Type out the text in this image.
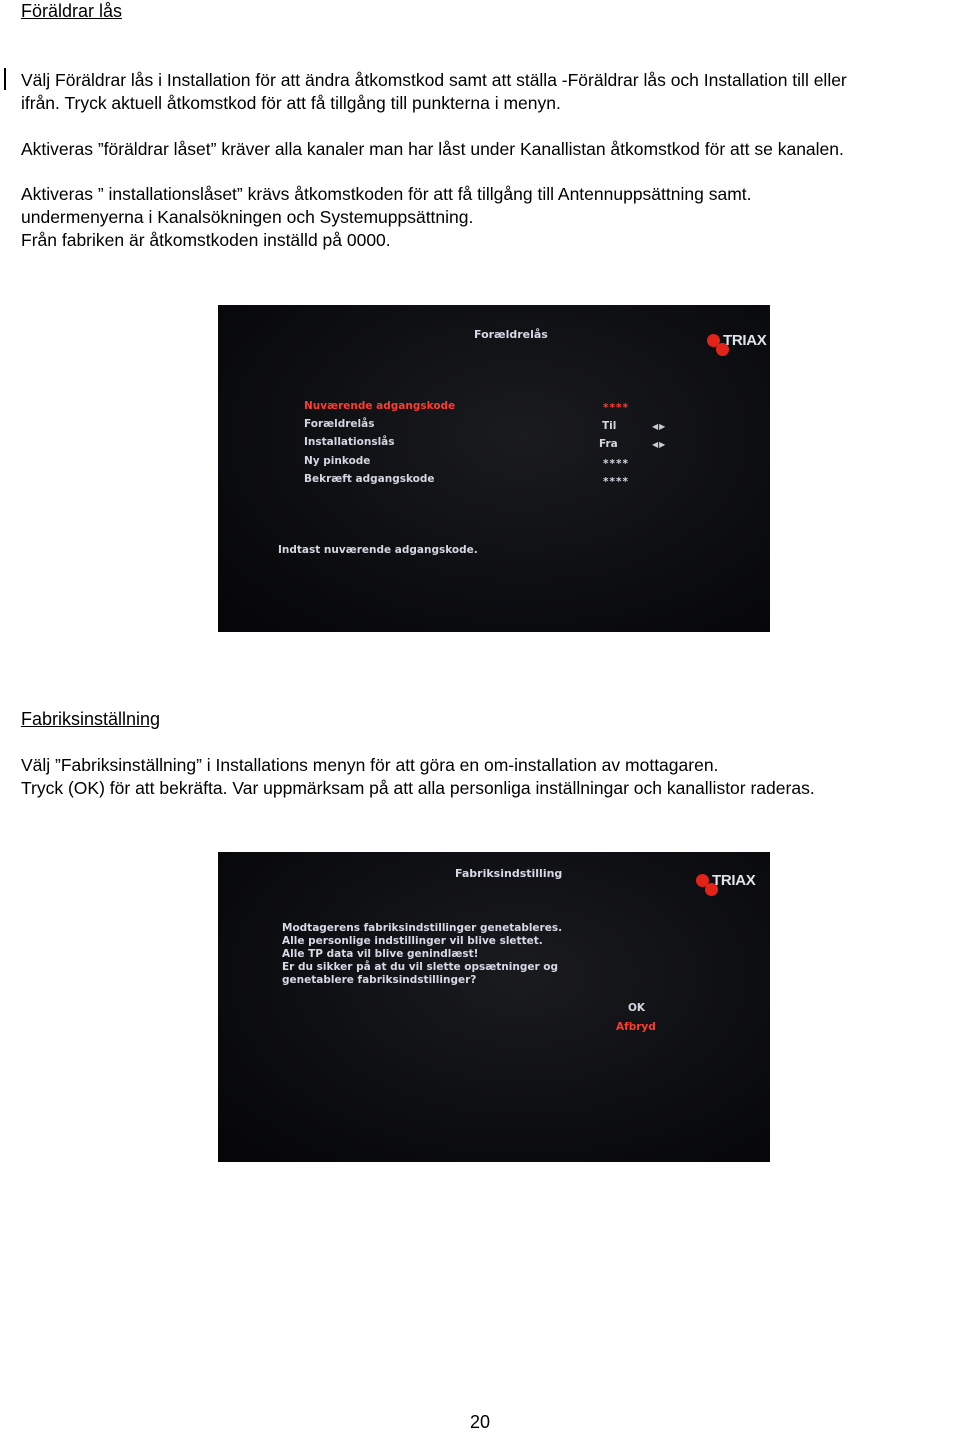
Föräldrar lås
Välj Föräldrar lås i Installation för att ändra åtkomstkod samt att ställa -Föräldrar lås och Installation till eller
ifrån. Tryck aktuell åtkomstkod för att få tillgång till punkterna i menyn.

Aktiveras ”föräldrar låset” kräver alla kanaler man har låst under Kanallistan åtkomstkod för att se kanalen.

Aktiveras ” installationslåset” krävs åtkomstkoden för att få tillgång till Antennuppsättning samt.
undermenyerna i Kanalsökningen och Systemuppsättning.
Från fabriken är åtkomstkoden inställd på 0000.
Forældrelås	TRIAX
Nuværende adgangskode
Forældrelås
Installationslås
Ny pinkode
Bekræft adgangskode
****
Til
Fra
****
****
◀▶
◀▶
Indtast nuværende adgangskode.
Fabriksinställning
Välj ”Fabriksinställning” i Installations menyn för att göra en om-installation av mottagaren.
Tryck (OK) för att bekräfta. Var uppmärksam på att alla personliga inställningar och kanallistor raderas.
Fabriksindstilling	TRIAX
Modtagerens fabriksindstillinger genetableres.
Alle personlige indstillinger vil blive slettet.
Alle TP data vil blive genindlæst!
Er du sikker på at du vil slette opsætninger og
genetablere fabriksindstillinger?
OK
Afbryd
20
